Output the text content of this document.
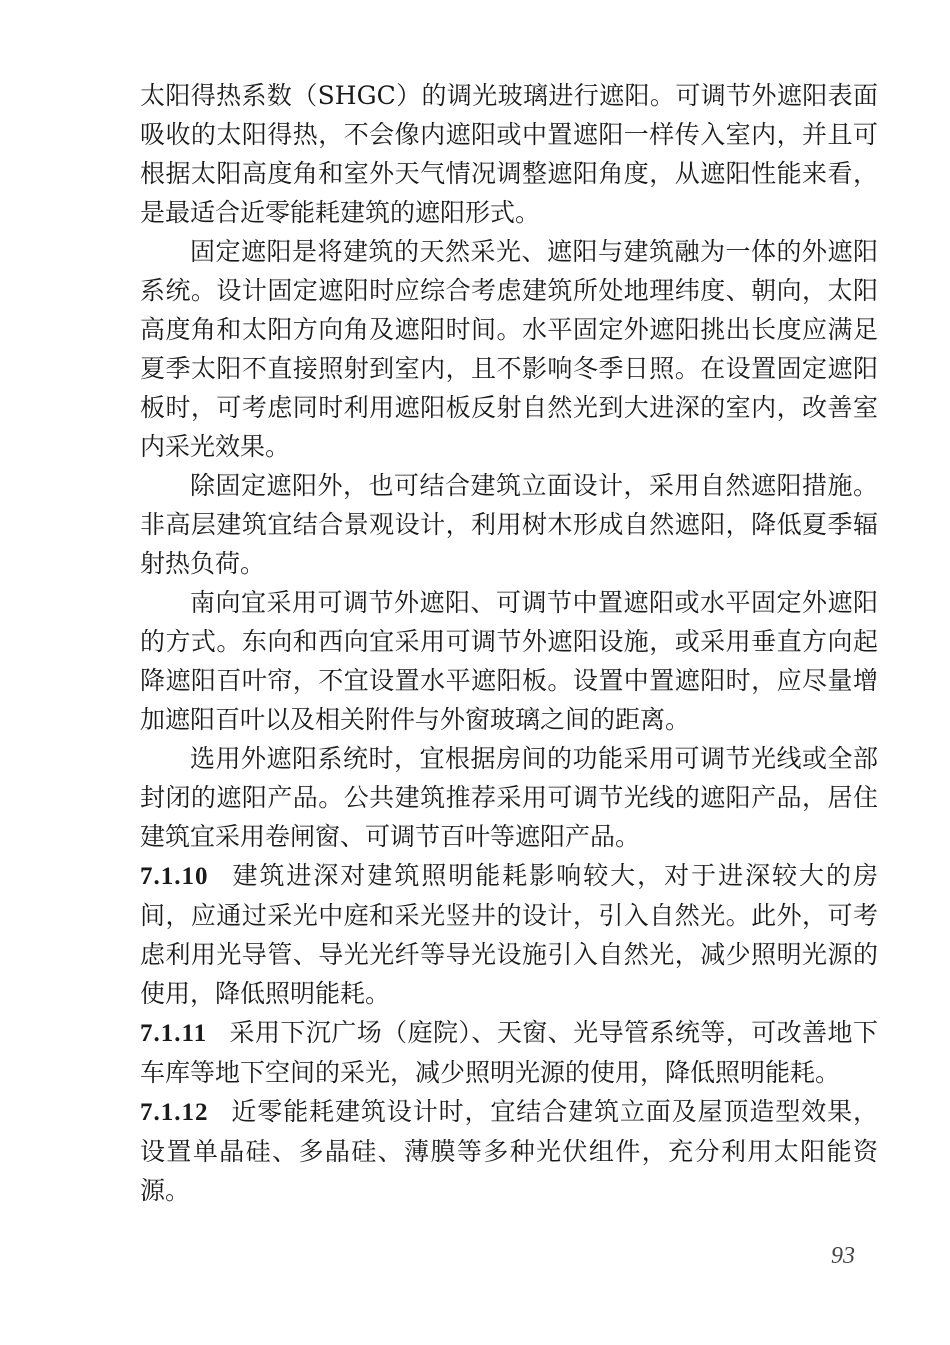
太阳得热系数（SHGC）的调光玻璃进行遮阳。可调节外遮阳表面吸收的太阳得热，不会像内遮阳或中置遮阳一样传入室内，并且可根据太阳高度角和室外天气情况调整遮阳角度，从遮阳性能来看，是最适合近零能耗建筑的遮阳形式。

固定遮阳是将建筑的天然采光、遮阳与建筑融为一体的外遮阳系统。设计固定遮阳时应综合考虑建筑所处地理纬度、朝向，太阳高度角和太阳方向角及遮阳时间。水平固定外遮阳挑出长度应满足夏季太阳不直接照射到室内，且不影响冬季日照。在设置固定遮阳板时，可考虑同时利用遮阳板反射自然光到大进深的室内，改善室内采光效果。

除固定遮阳外，也可结合建筑立面设计，采用自然遮阳措施。非高层建筑宜结合景观设计，利用树木形成自然遮阳，降低夏季辐射热负荷。

南向宜采用可调节外遮阳、可调节中置遮阳或水平固定外遮阳的方式。东向和西向宜采用可调节外遮阳设施，或采用垂直方向起降遮阳百叶帘，不宜设置水平遮阳板。设置中置遮阳时，应尽量增加遮阳百叶以及相关附件与外窗玻璃之间的距离。

选用外遮阳系统时，宜根据房间的功能采用可调节光线或全部封闭的遮阳产品。公共建筑推荐采用可调节光线的遮阳产品，居住建筑宜采用卷闸窗、可调节百叶等遮阳产品。

7.1.10 建筑进深对建筑照明能耗影响较大，对于进深较大的房间，应通过采光中庭和采光竖井的设计，引入自然光。此外，可考虑利用光导管、导光光纤等导光设施引入自然光，减少照明光源的使用，降低照明能耗。

7.1.11 采用下沉广场（庭院）、天窗、光导管系统等，可改善地下车库等地下空间的采光，减少照明光源的使用，降低照明能耗。

7.1.12 近零能耗建筑设计时，宜结合建筑立面及屋顶造型效果，设置单晶硅、多晶硅、薄膜等多种光伏组件，充分利用太阳能资源。

93
